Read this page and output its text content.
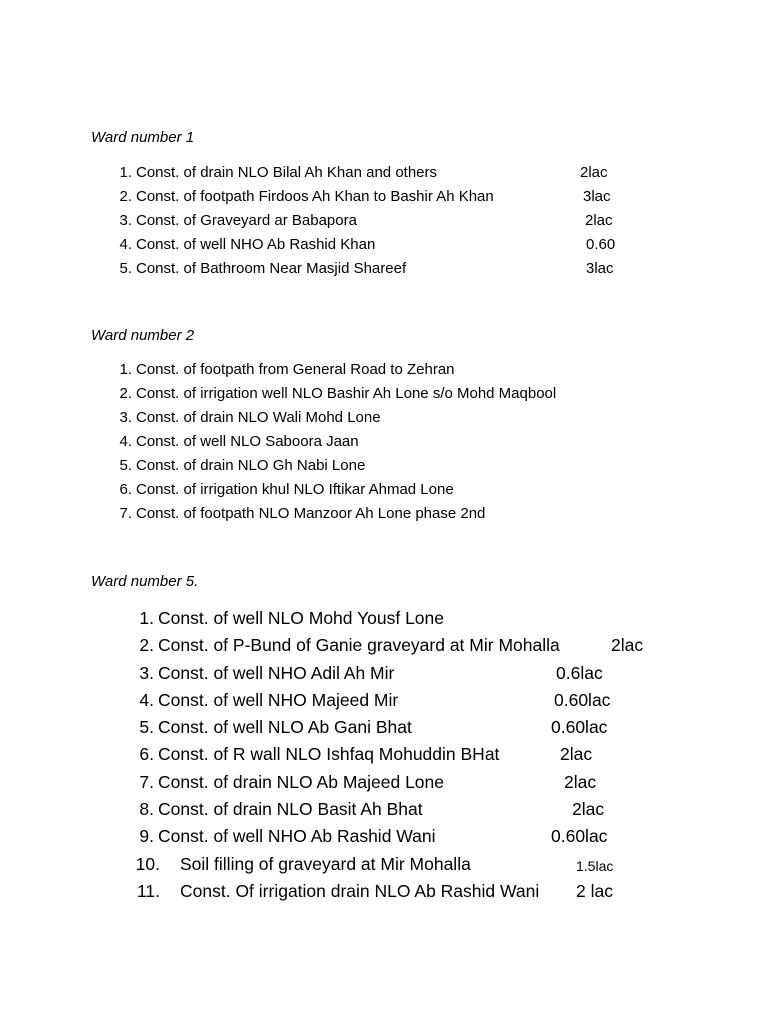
Ward number 1
1. Const. of drain NLO Bilal Ah Khan and others	2lac
2. Const. of footpath Firdoos Ah Khan to Bashir Ah Khan	3lac
3. Const. of Graveyard ar Babapora	2lac
4. Const. of well NHO Ab Rashid Khan	0.60
5. Const. of Bathroom Near Masjid Shareef	3lac
Ward number 2
1. Const. of footpath from General Road to Zehran
2. Const. of irrigation well NLO Bashir Ah Lone s/o Mohd Maqbool
3. Const. of drain NLO Wali Mohd Lone
4. Const. of well NLO Saboora Jaan
5. Const. of drain NLO Gh Nabi Lone
6. Const. of irrigation khul NLO Iftikar Ahmad Lone
7. Const. of footpath NLO Manzoor Ah Lone phase 2nd
Ward number 5.
1. Const. of well NLO Mohd Yousf Lone
2. Const. of P-Bund of Ganie graveyard at Mir Mohalla	2lac
3. Const. of well NHO Adil Ah Mir	0.6lac
4. Const. of well NHO Majeed Mir	0.60lac
5. Const. of well NLO Ab Gani Bhat	0.60lac
6. Const. of R wall NLO Ishfaq Mohuddin BHat	2lac
7. Const. of drain NLO Ab Majeed Lone	2lac
8. Const. of drain NLO Basit Ah Bhat	2lac
9. Const. of well NHO Ab Rashid Wani	0.60lac
10. Soil filling of graveyard at Mir Mohalla	1.5lac
11. Const. Of irrigation drain NLO Ab Rashid Wani 2 lac
